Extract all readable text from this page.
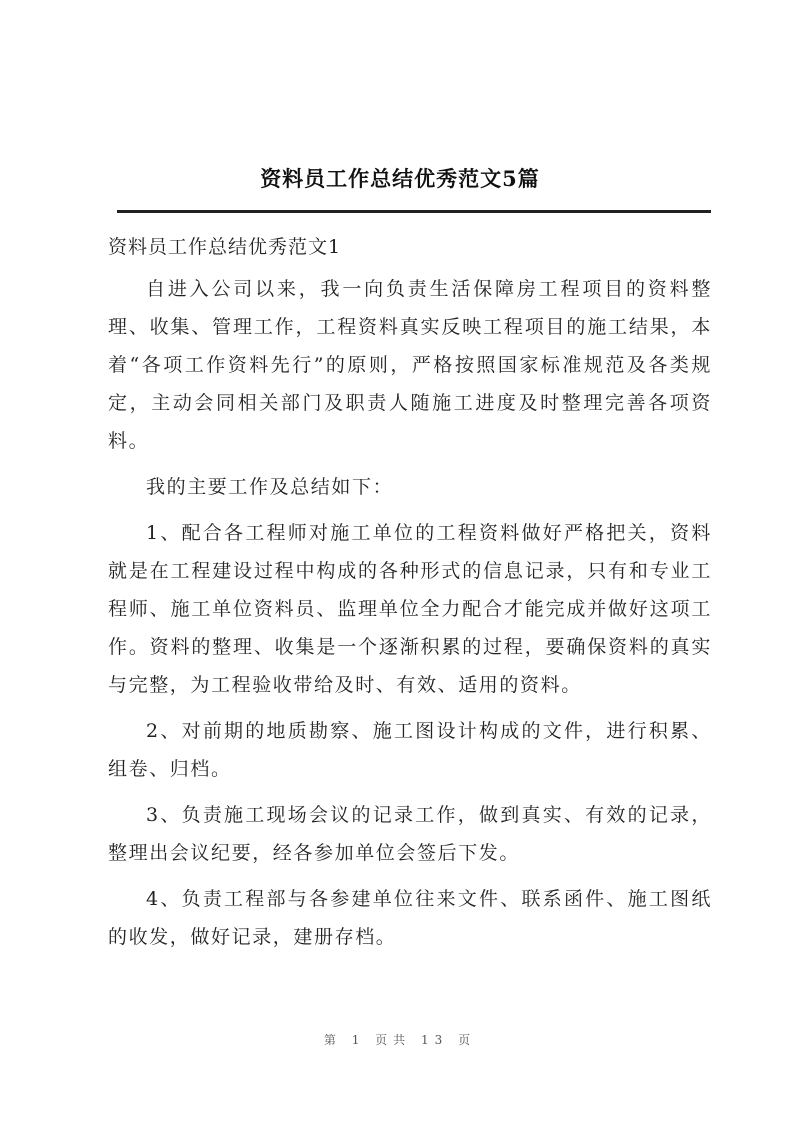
资料员工作总结优秀范文5篇

资料员工作总结优秀范文1

自进入公司以来，我一向负责生活保障房工程项目的资料整理、收集、管理工作，工程资料真实反映工程项目的施工结果，本着“各项工作资料先行”的原则，严格按照国家标准规范及各类规定，主动会同相关部门及职责人随施工进度及时整理完善各项资料。

我的主要工作及总结如下：

1、配合各工程师对施工单位的工程资料做好严格把关，资料就是在工程建设过程中构成的各种形式的信息记录，只有和专业工程师、施工单位资料员、监理单位全力配合才能完成并做好这项工作。资料的整理、收集是一个逐渐积累的过程，要确保资料的真实与完整，为工程验收带给及时、有效、适用的资料。

2、对前期的地质勘察、施工图设计构成的文件，进行积累、组卷、归档。

3、负责施工现场会议的记录工作，做到真实、有效的记录，整理出会议纪要，经各参加单位会签后下发。

4、负责工程部与各参建单位往来文件、联系函件、施工图纸的收发，做好记录，建册存档。

第 1 页共 13 页
